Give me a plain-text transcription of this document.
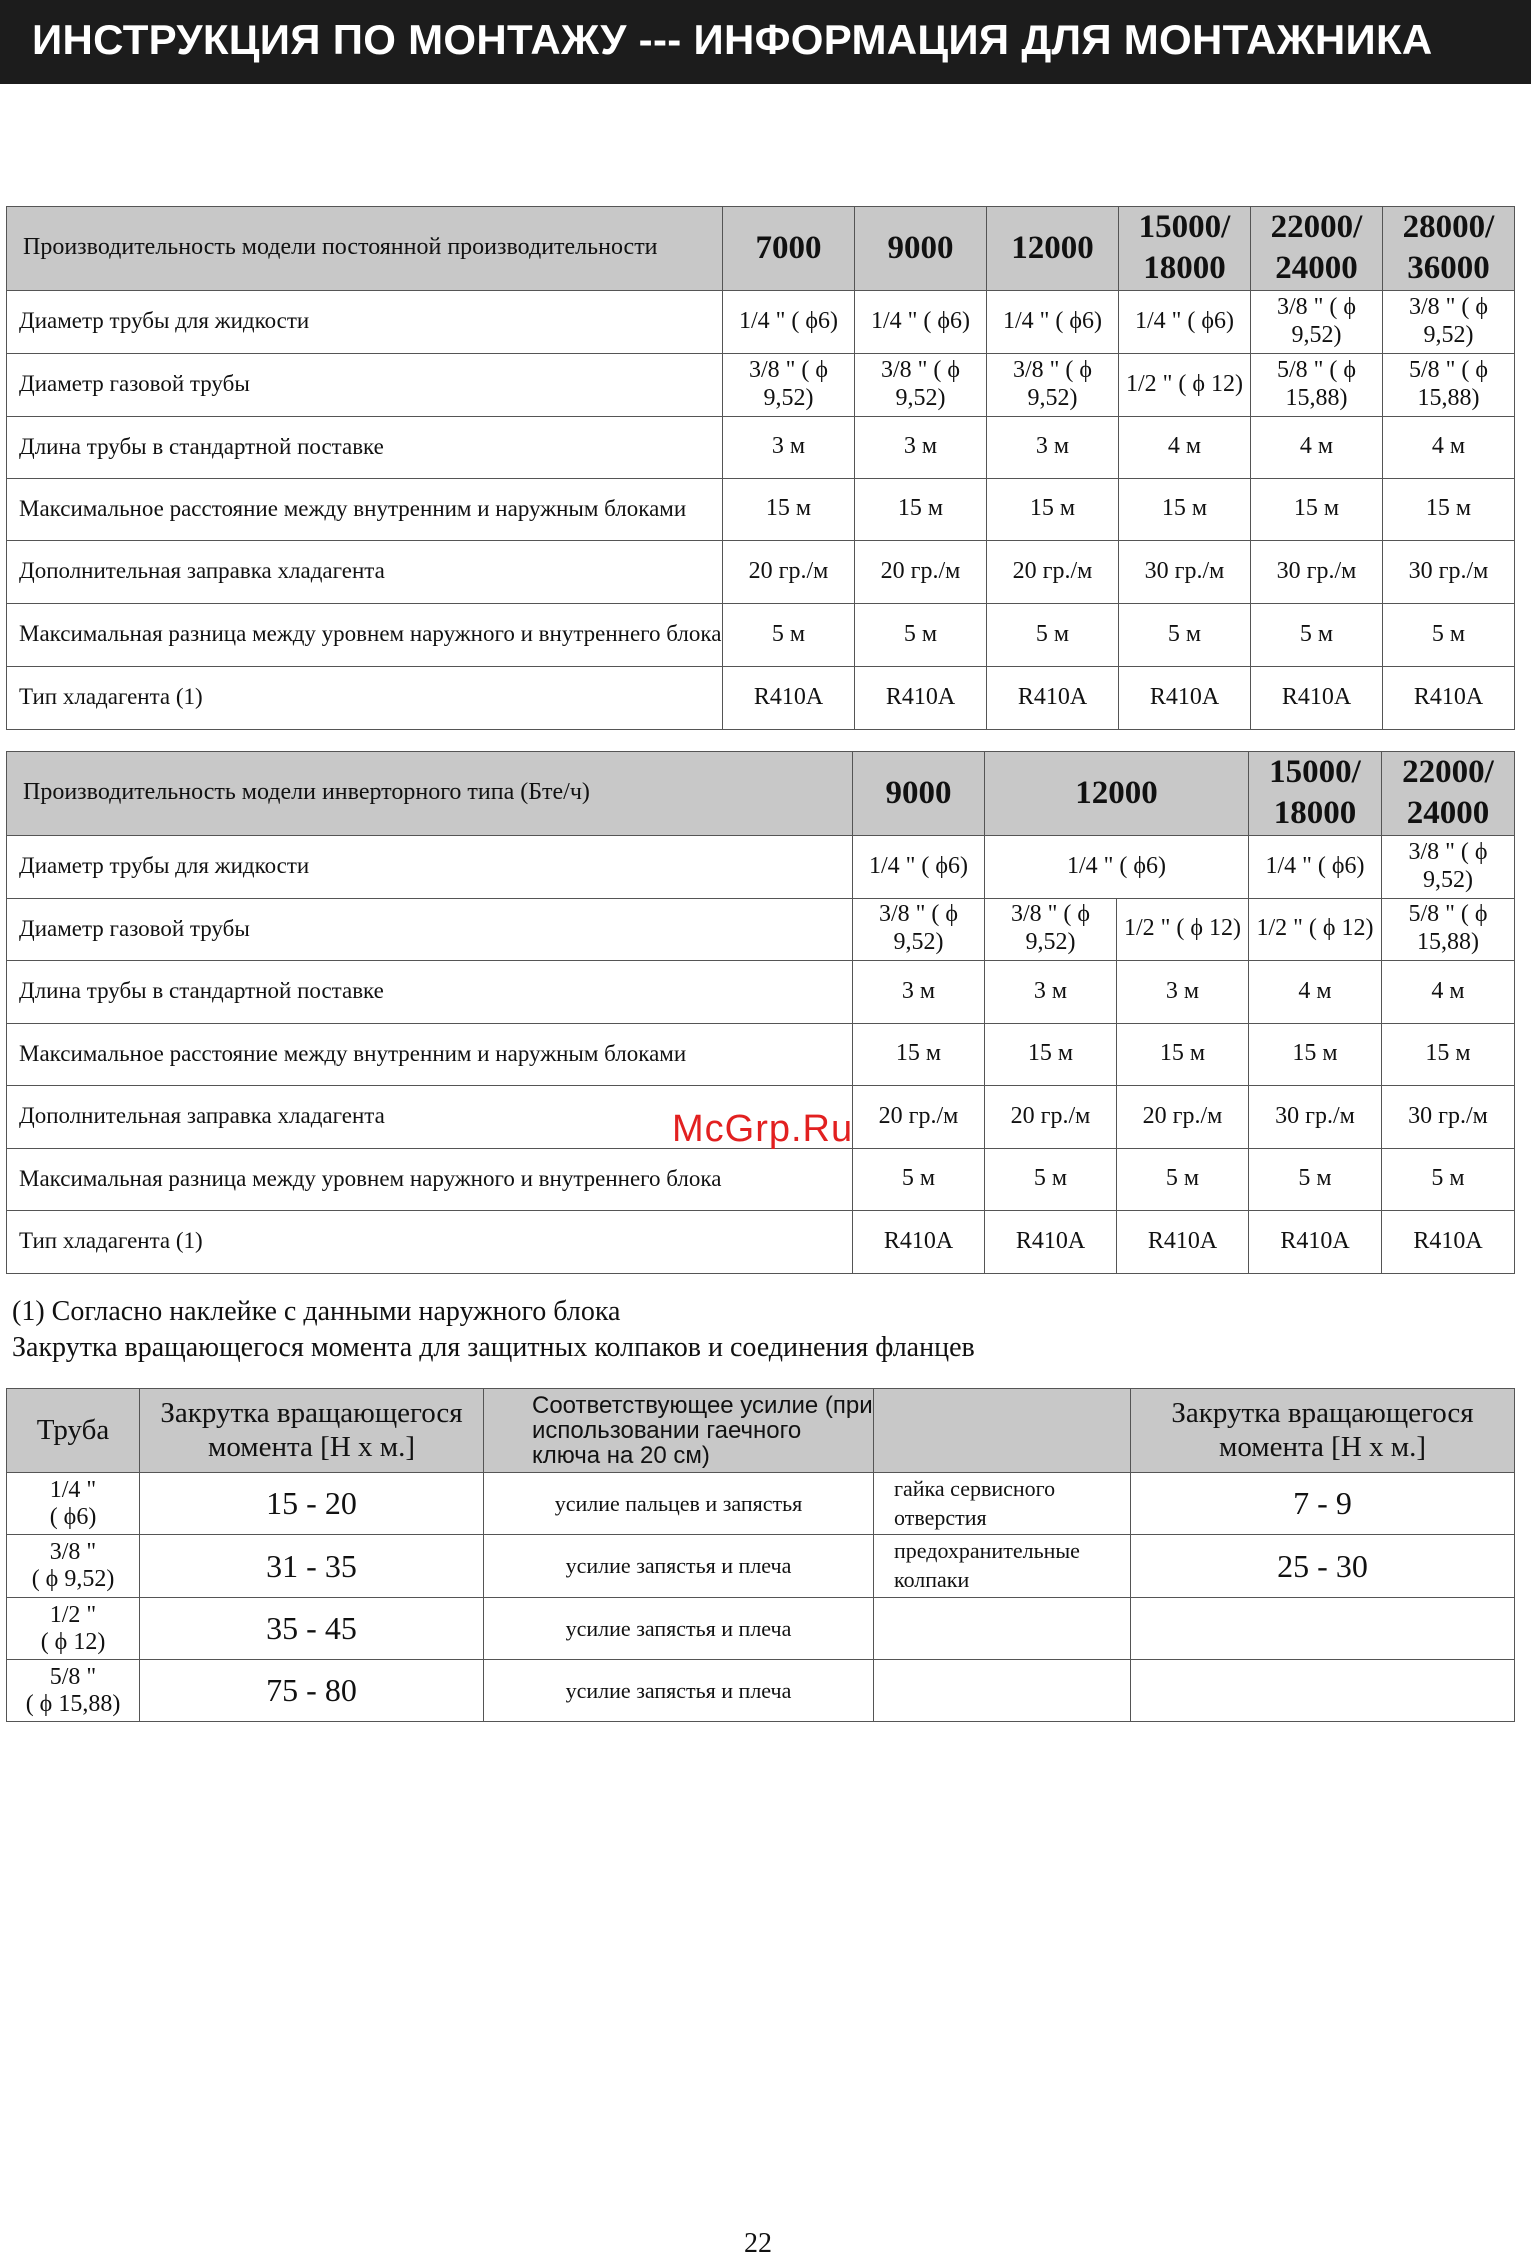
ИНСТРУКЦИЯ ПО МОНТАЖУ --- ИНФОРМАЦИЯ ДЛЯ МОНТАЖНИКА
Производительность модели постоянной производительности	7000	9000	12000	15000/ 18000	22000/ 24000	28000/ 36000
Диаметр трубы для жидкости	1/4 " ( ϕ6)	1/4 " ( ϕ6)	1/4 " ( ϕ6)	1/4 " ( ϕ6)	3/8 " ( ϕ 9,52)	3/8 " ( ϕ 9,52)
Диаметр газовой трубы	3/8 " ( ϕ 9,52)	3/8 " ( ϕ 9,52)	3/8 " ( ϕ 9,52)	1/2 " ( ϕ 12)	5/8 " ( ϕ 15,88)	5/8 " ( ϕ 15,88)
Длина трубы в стандартной поставке	3 м	3 м	3 м	4 м	4 м	4 м
Максимальное расстояние между внутренним и наружным блоками	15 м	15 м	15 м	15 м	15 м	15 м
Дополнительная заправка хладагента	20 гр./м	20 гр./м	20 гр./м	30 гр./м	30 гр./м	30 гр./м
Максимальная разница между уровнем наружного и внутреннего блока	5 м	5 м	5 м	5 м	5 м	5 м
Тип хладагента (1)	R410A	R410A	R410A	R410A	R410A	R410A
Производительность модели инверторного типа (Бте/ч)	9000	12000		15000/ 18000	22000/ 24000
Диаметр трубы для жидкости	1/4 " ( ϕ6)	1/4 " ( ϕ6)		1/4 " ( ϕ6)	3/8 " ( ϕ 9,52)
Диаметр газовой трубы	3/8 " ( ϕ 9,52)	3/8 " ( ϕ 9,52)	1/2 " ( ϕ 12)	1/2 " ( ϕ 12)	5/8 " ( ϕ 15,88)
Длина трубы в стандартной поставке	3 м	3 м	3 м	4 м	4 м
Максимальное расстояние между внутренним и наружным блоками	15 м	15 м	15 м	15 м	15 м
Дополнительная заправка хладагента	20 гр./м	20 гр./м	20 гр./м	30 гр./м	30 гр./м
Максимальная разница между уровнем наружного и внутреннего блока	5 м	5 м	5 м	5 м	5 м
Тип хладагента (1)	R410A	R410A	R410A	R410A	R410A
(1) Согласно наклейке с данными наружного блока
Закрутка вращающегося момента для защитных колпаков и соединения фланцев
Труба	Закрутка вращающегося момента [Н х м.]	Соответствующее усилие (при использовании гаечного ключа на 20 см)		Закрутка вращающегося момента [Н х м.]

1/4 "
( ϕ6)	15 - 20	усилие пальцев и запястья	гайка сервисного отверстия	7 - 9

3/8 "
( ϕ 9,52)	31 - 35	усилие запястья и плеча	предохранительные колпаки	25 - 30

1/2 "
( ϕ 12)	35 - 45	усилие запястья и плеча		

5/8 "
( ϕ 15,88)	75 - 80	усилие запястья и плеча		
McGrp.Ru
22
